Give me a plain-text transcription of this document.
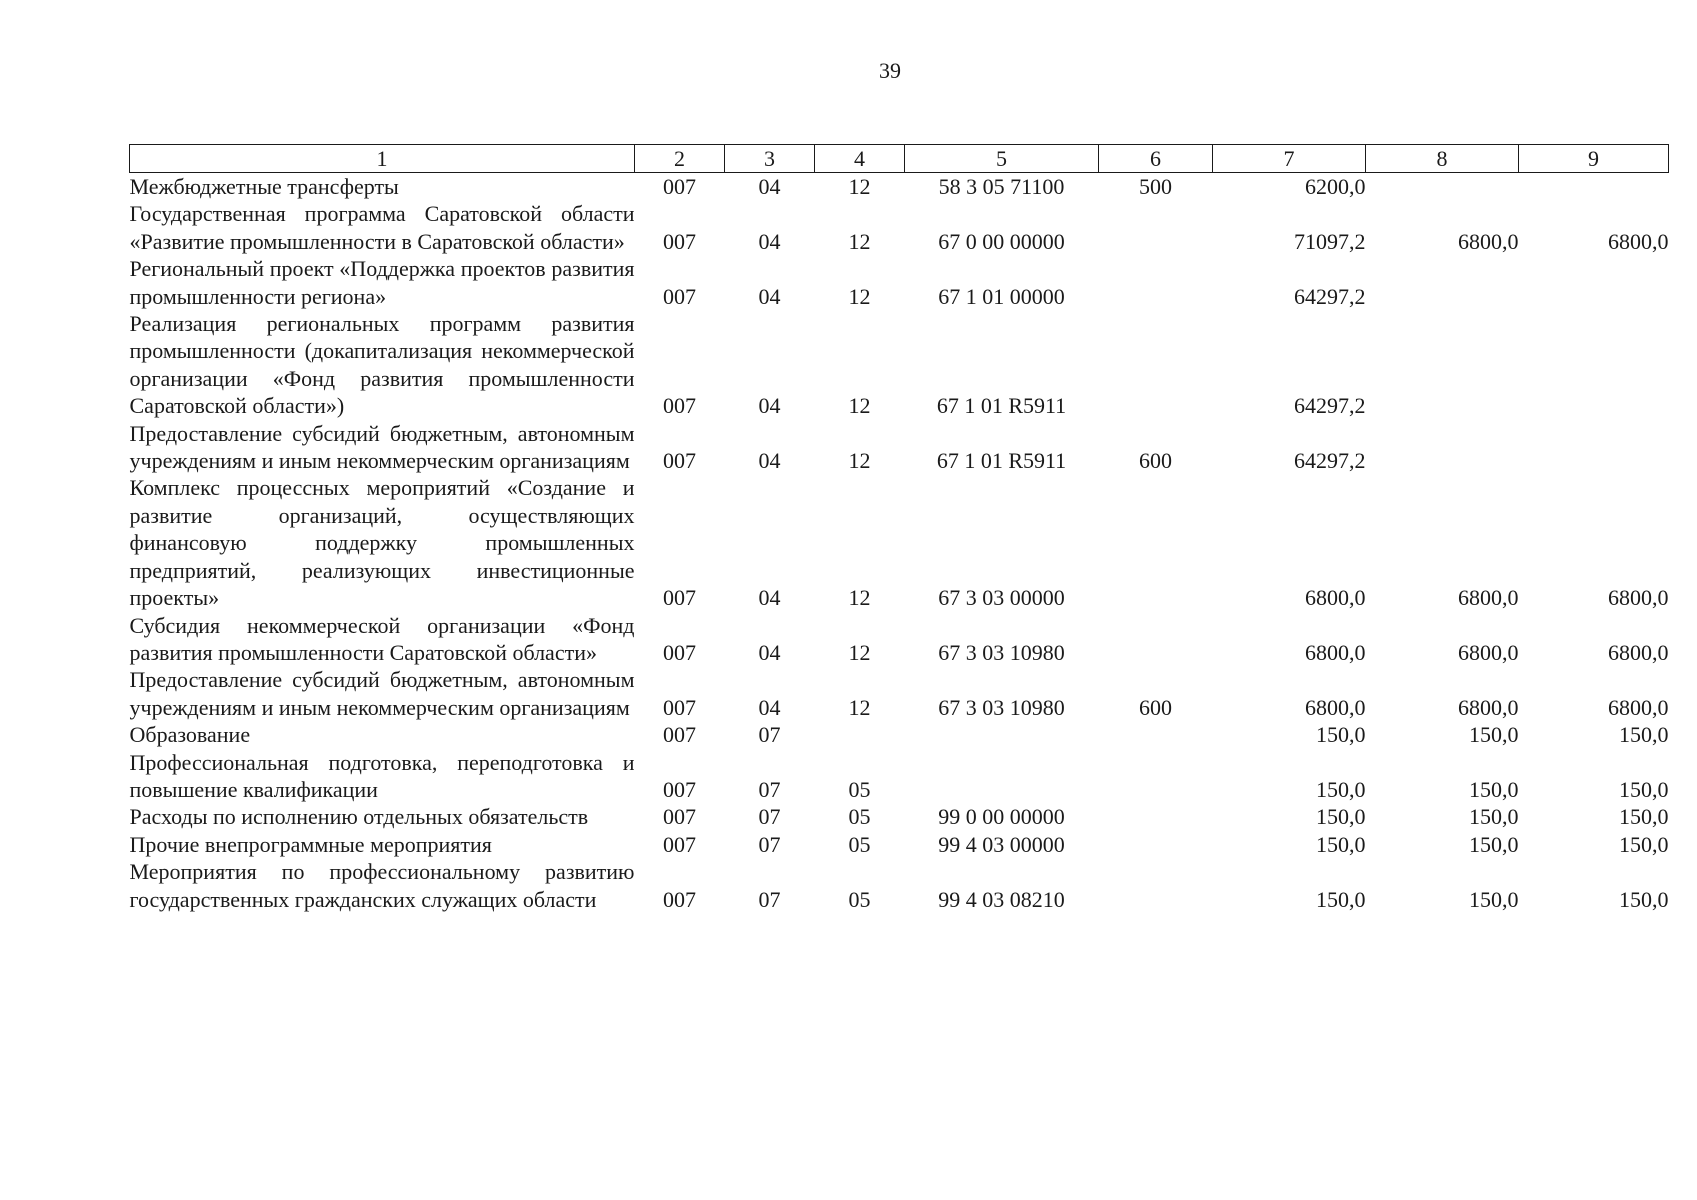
39
1	2	3	4	5	6	7	8	9
Межбюджетные трансферты	007	04	12	58 3 05 71100	500	6200,0		
Государственная программа Саратовской области «Развитие промышленности в Саратовской области»	007	04	12	67 0 00 00000		71097,2	6800,0	6800,0
Региональный проект «Поддержка проектов развития промышленности региона»	007	04	12	67 1 01 00000		64297,2		
Реализация региональных программ развития промышленности (докапитализация некоммерческой организации «Фонд развития промышленности Саратовской области»)	007	04	12	67 1 01 R5911		64297,2		
Предоставление субсидий бюджетным, автономным учреждениям и иным некоммерческим организациям	007	04	12	67 1 01 R5911	600	64297,2		
Комплекс процессных мероприятий «Создание и развитие организаций, осуществляющих финансовую поддержку промышленных предприятий, реализующих инвестиционные проекты»	007	04	12	67 3 03 00000		6800,0	6800,0	6800,0
Субсидия некоммерческой организации «Фонд развития промышленности Саратовской области»	007	04	12	67 3 03 10980		6800,0	6800,0	6800,0
Предоставление субсидий бюджетным, автономным учреждениям и иным некоммерческим организациям	007	04	12	67 3 03 10980	600	6800,0	6800,0	6800,0
Образование	007	07				150,0	150,0	150,0
Профессиональная подготовка, переподготовка и повышение квалификации	007	07	05			150,0	150,0	150,0
Расходы по исполнению отдельных обязательств	007	07	05	99 0 00 00000		150,0	150,0	150,0
Прочие внепрограммные мероприятия	007	07	05	99 4 03 00000		150,0	150,0	150,0
Мероприятия по профессиональному развитию государственных гражданских служащих области	007	07	05	99 4 03 08210		150,0	150,0	150,0
